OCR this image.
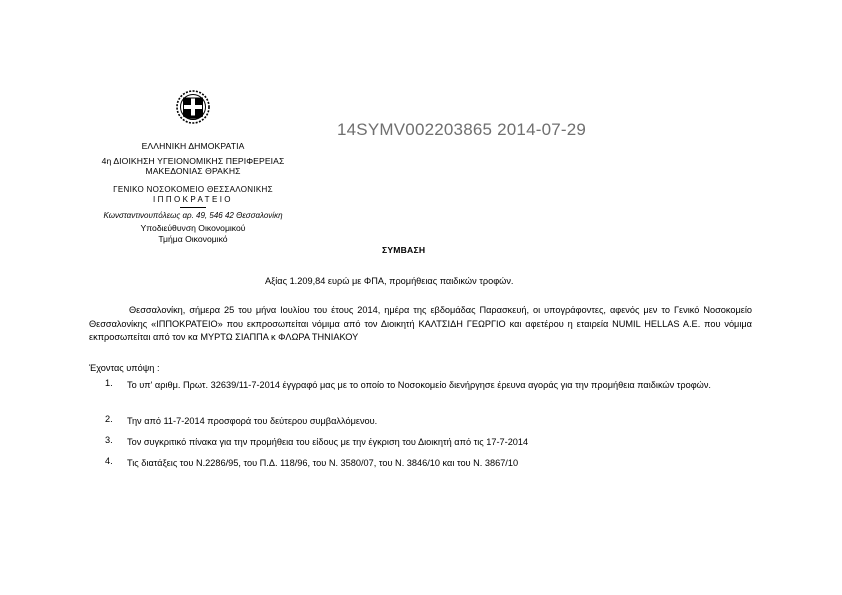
ΕΛΛΗΝΙΚΗ ΔΗΜΟΚΡΑΤΙΑ
4η ΔΙΟΙΚΗΣΗ ΥΓΕΙΟΝΟΜΙΚΗΣ ΠΕΡΙΦΕΡΕΙΑΣ
ΜΑΚΕΔΟΝΙΑΣ ΘΡΑΚΗΣ
ΓΕΝΙΚΟ ΝΟΣΟΚΟΜΕΙΟ ΘΕΣΣΑΛΟΝΙΚΗΣ
ΙΠΠΟΚΡΑΤΕΙΟ
Κωνσταντινουπόλεως αρ. 49, 546 42 Θεσσαλονίκη
Υποδιεύθυνση Οικονομικού
Τμήμα Οικονομικό
14SYMV002203865 2014-07-29
ΣΥΜΒΑΣΗ
Αξίας 1.209,84 ευρώ με ΦΠΑ, προμήθειας παιδικών τροφών.
Θεσσαλονίκη, σήμερα 25 του μήνα Ιουλίου του έτους 2014, ημέρα της εβδομάδας Παρασκευή, οι υπογράφοντες, αφενός μεν το Γενικό Νοσοκομείο Θεσσαλονίκης «ΙΠΠΟΚΡΑΤΕΙΟ» που εκπροσωπείται νόμιμα από τον Διοικητή ΚΑΛΤΣΙΔΗ ΓΕΩΡΓΙΟ και αφετέρου η εταιρεία NUMIL HELLAS A.E. που νόμιμα εκπροσωπείται από τον κα ΜΥΡΤΩ ΣΙΑΠΠΑ κ ΦΛΩΡΑ ΤΗΝΙΑΚΟΥ
Έχοντας υπόψη :
1. Το υπ' αριθμ. Πρωτ. 32639/11-7-2014 έγγραφό μας με το οποίο το Νοσοκομείο διενήργησε έρευνα αγοράς για την προμήθεια παιδικών τροφών.
2. Την από 11-7-2014 προσφορά του δεύτερου συμβαλλόμενου.
3. Τον συγκριτικό πίνακα για την προμήθεια του είδους με την έγκριση του Διοικητή από τις 17-7-2014
4. Τις διατάξεις του Ν.2286/95, του Π.Δ. 118/96, του Ν. 3580/07, του Ν. 3846/10 και του Ν. 3867/10
